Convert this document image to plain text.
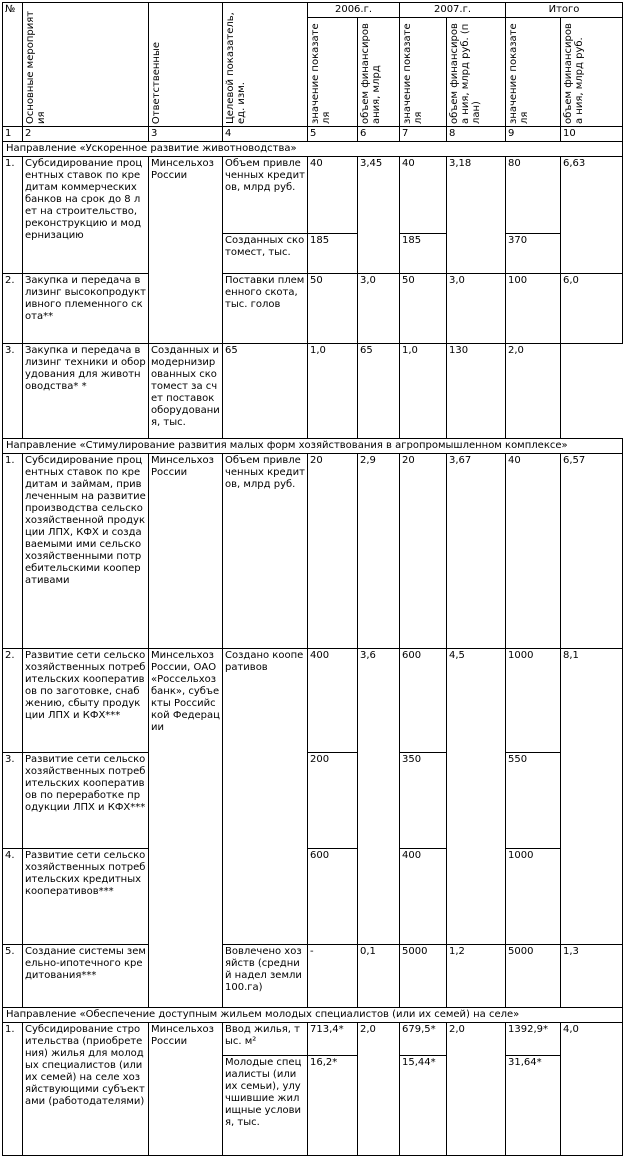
№	Основные мероприятия	Ответственные	Целевой показатель, ед. изм.	2006.г.		2007.г.		Итого	

				значение показателя	объем финансирования, млрд	значение показателя	объем финансирова ния, млрд руб. (план)	значение показателя	объем финансирова ния, млрд руб.

1	2	3	4	5	6	7	8	9	10
Направление «Ускоренное развитие животноводства»									
1.	Субсидирование процентных ставок по кредитам коммерческих банков на срок до 8 лет на строительство, реконструкцию и модернизацию	Минсельхоз России	Объем привлеченных кредитов, млрд руб.	40	3,45	40	3,18	80	6,63
			Созданных скотомест, тыс.	185		185		370	
2.	Закупка и передача в лизинг высокопродуктивного племенного скота**		Поставки племенного скота, тыс. голов	50	3,0	50	3,0	100	6,0
3.	Закупка и передача в лизинг техники и оборудования для животноводства* *	Созданных и модернизированных скотомест за счет поставок оборудования, тыс.	65	1,0	65	1,0	130	2,0	
Направление «Стимулирование развития малых форм хозяйствования в агропромышленном комплексе»									
1.	Субсидирование процентных ставок по кредитам и займам, привлеченным на развитие производства сельскохозяйственной продукции ЛПХ, КФХ и создаваемыми ими сельскохозяйственными потребительскими кооперативами	Минсельхоз России	Объем привлеченных кредитов, млрд руб.	20	2,9	20	3,67	40	6,57
2.	Развитие сети сельскохозяйственных потребительских кооперативов по заготовке, снабжению, сбыту продукции ЛПХ и КФХ***	Минсельхоз России, ОАО «Россельхозбанк», субъекты Российской Федерации	Создано кооперативов	400	3,6	600	4,5	1000	8,1
3.	Развитие сети сельскохозяйственных потребительских кооперативов по переработке продукции ЛПХ и КФХ***			200		350		550	
4.	Развитие сети сельскохозяйственных потребительских кредитных кооперативов***			600		400		1000	
5.	Создание системы земельно-ипотечного кредитования***		Вовлечено хозяйств (средний надел земли 100.га)	-	0,1	5000	1,2	5000	1,3
Направление «Обеспечение доступным жильем молодых специалистов (или их семей) на селе»									
1.	Субсидирование строительства (приобретения) жилья для молодых специалистов (или их семей) на селе хозяйствующими субъектами (работодателями)	Минсельхоз России	Ввод жилья, тыс. м²	713,4*	2,0	679,5*	2,0	1392,9*	4,0
			Молодые специалисты (или их семьи), улучшившие жилищные условия, тыс.	16,2*		15,44*		31,64*	
